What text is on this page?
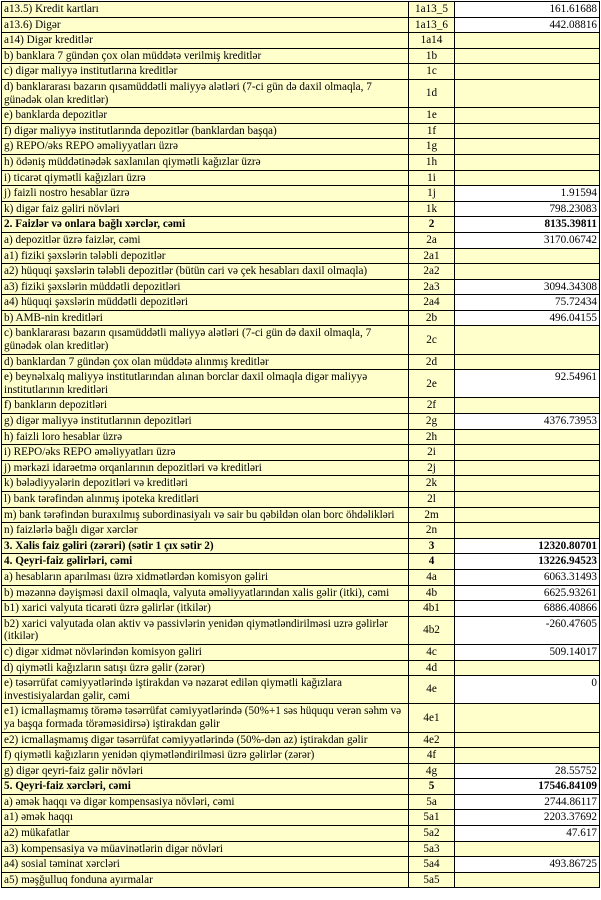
a13.5) Kredit kartları	1a13_5	161.61688
a13.6) Digər	1a13_6	442.08816
a14) Digər kreditlər	1a14	
b) banklara 7 gündən çox olan müddətə verilmiş kreditlər	1b	
c) digər maliyyə institutlarına kreditlər	1c	
d) banklararası bazarın qısamüddətli maliyyə alətləri (7-ci gün də daxil olmaqla, 7 günədək olan kreditlər)	1d	
e) banklarda depozitlər	1e	
f) digər maliyyə institutlarında depozitlər (banklardan başqa)	1f	
g) REPO/əks REPO əməliyyatları üzrə	1g	
h) ödəniş müddətinədək saxlanılan qiymətli kağızlar üzrə	1h	
i) ticarət qiymətli kağızları üzrə	1i	
j) faizli nostro hesablar üzrə	1j	1.91594
k) digər faiz gəliri növləri	1k	798.23083
2. Faizlər və onlara bağlı xərclər, cəmi	2	8135.39811
a) depozitlər üzrə faizlər, cəmi	2a	3170.06742
a1) fiziki şəxslərin tələbli depozitlər	2a1	
a2) hüquqi şəxslərin tələbli depozitlər (bütün cari və çek hesabları daxil olmaqla)	2a2	
a3) fiziki şəxslərin müddətli depozitləri	2a3	3094.34308
a4) hüquqi şəxslərin müddətli depozitləri	2a4	75.72434
b) AMB-nin kreditləri	2b	496.04155
c) banklararası bazarın qısamüddətli maliyyə alətləri (7-ci gün də daxil olmaqla, 7 günədək olan kreditlər)	2c	
d) banklardan 7 gündən çox olan müddətə alınmış kreditlər	2d	
e) beynəlxalq maliyyə institutlarından alınan borclar daxil olmaqla digər maliyyə institutlarının kreditləri	2e	92.54961
f) bankların depozitləri	2f	
g) digər maliyyə institutlarının depozitləri	2g	4376.73953
h) faizli loro hesablar üzrə	2h	
i) REPO/əks REPO əməliyyatları üzrə	2i	
j) mərkəzi idarəetmə orqanlarının depozitləri və kreditləri	2j	
k) bələdiyyələrin depozitləri və kreditləri	2k	
l) bank tərəfindən alınmış ipoteka kreditləri	2l	
m) bank tərəfindən buraxılmış subordinasiyalı və sair bu qəbildən olan borc öhdəlikləri	2m	
n) faizlərlə bağlı digər xərclər	2n	
3. Xalis faiz gəliri (zərəri) (sətir 1 çıx sətir 2)	3	12320.80701
4. Qeyri-faiz gəlirləri, cəmi	4	13226.94523
a) hesabların aparılması üzrə xidmətlərdən komisyon gəliri	4a	6063.31493
b) məzənnə dəyişməsi daxil olmaqla, valyuta əməliyyatlarından xalis gəlir (itki), cəmi	4b	6625.93261
b1) xarici valyuta ticarəti üzrə gəlirlər (itkilər)	4b1	6886.40866
b2) xarici valyutada olan aktiv və passivlərin yenidən qiymətləndirilməsi uzrə gəlirlər (itkilər)	4b2	-260.47605
c) digər xidmət növlərindən komisyon gəliri	4c	509.14017
d) qiymətli kağızların satışı üzrə gəlir (zərər)	4d	
e) təsərrüfat cəmiyyətlərində iştirakdan və nəzarət edilən qiymətli kağızlara investisiyalardan gəlir, cəmi	4e	0
e1) icmallaşmamış törəmə təsərrüfat cəmiyyətlərində (50%+1 səs hüququ verən səhm və ya başqa formada törəməsidirsə) iştirakdan gəlir	4e1	
e2) icmallaşmamış digər təsərrüfat cəmiyyətlərində (50%-dən az) iştirakdan gəlir	4e2	
f) qiymətli kağızların yenidən qiymətləndirilməsi üzrə gəlirlər (zərər)	4f	
g) digər qeyri-faiz gəlir növləri	4g	28.55752
5. Qeyri-faiz xərcləri, cəmi	5	17546.84109
a) əmək haqqı və digər kompensasiya növləri, cəmi	5a	2744.86117
a1) əmək haqqı	5a1	2203.37692
a2) mükafatlar	5a2	47.617
a3) kompensasiya və müavinətlərin digər növləri	5a3	
a4) sosial təminat xərcləri	5a4	493.86725
a5) məşğulluq fonduna ayırmalar	5a5	
